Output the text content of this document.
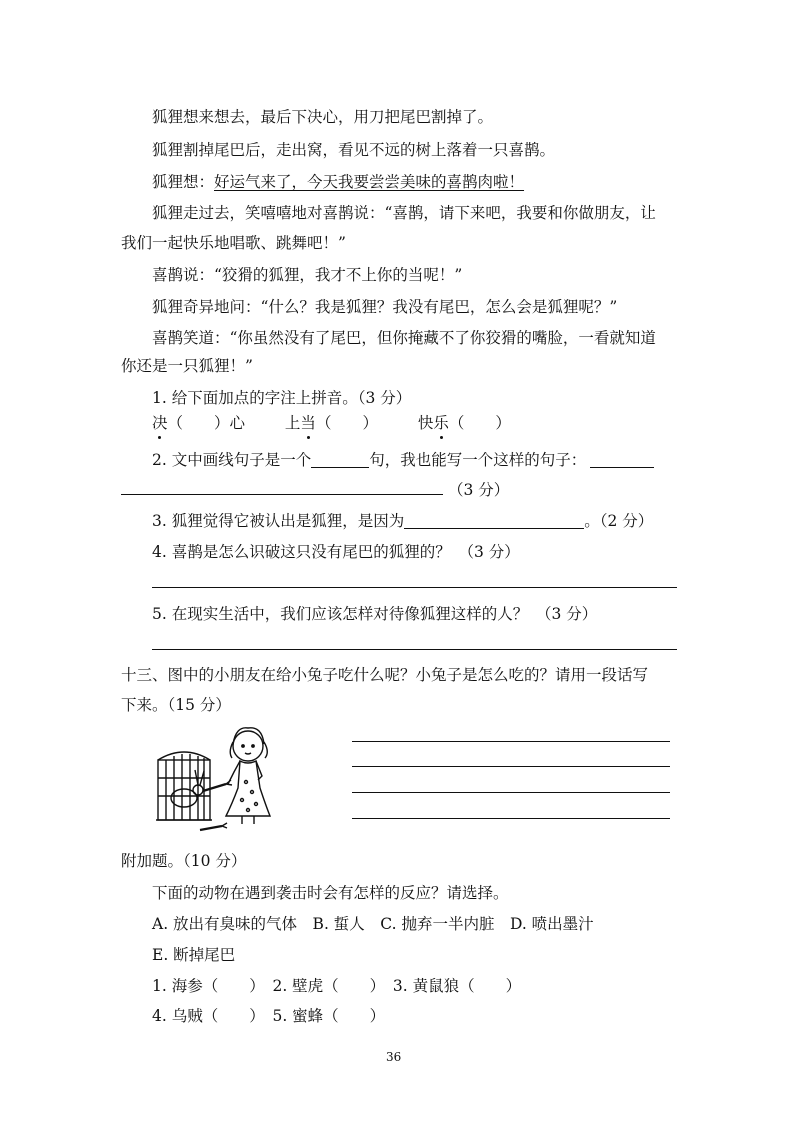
狐狸想来想去，最后下决心，用刀把尾巴割掉了。
狐狸割掉尾巴后，走出窝，看见不远的树上落着一只喜鹊。
狐狸想：好运气来了，今天我要尝尝美味的喜鹊肉啦！
狐狸走过去，笑嘻嘻地对喜鹊说：“喜鹊，请下来吧，我要和你做朋友，让
我们一起快乐地唱歌、跳舞吧！”
喜鹊说：“狡猾的狐狸，我才不上你的当呢！”
狐狸奇异地问：“什么？我是狐狸？我没有尾巴，怎么会是狐狸呢？”
喜鹊笑道：“你虽然没有了尾巴，但你掩藏不了你狡猾的嘴脸，一看就知道
你还是一只狐狸！”
1. 给下面加点的字注上拼音。（3 分）
决（　　）心	上当（　　）	快乐（　　）
2. 文中画线句子是一个	句，我也能写一个这样的句子：
（3 分）
3. 狐狸觉得它被认出是狐狸，是因为	。（2 分）
4. 喜鹊是怎么识破这只没有尾巴的狐狸的？　（3 分）
5. 在现实生活中，我们应该怎样对待像狐狸这样的人？　（3 分）
十三、图中的小朋友在给小兔子吃什么呢？小兔子是怎么吃的？请用一段话写
下来。（15 分）
附加题。（10 分）
下面的动物在遇到袭击时会有怎样的反应？请选择。
A. 放出有臭味的气体　B. 蜇人　C. 抛弃一半内脏　D. 喷出墨汁
E. 断掉尾巴
1. 海参（　　）　2. 壁虎（　　）　3. 黄鼠狼（　　）
4. 乌贼（　　）　5. 蜜蜂（　　）
36
